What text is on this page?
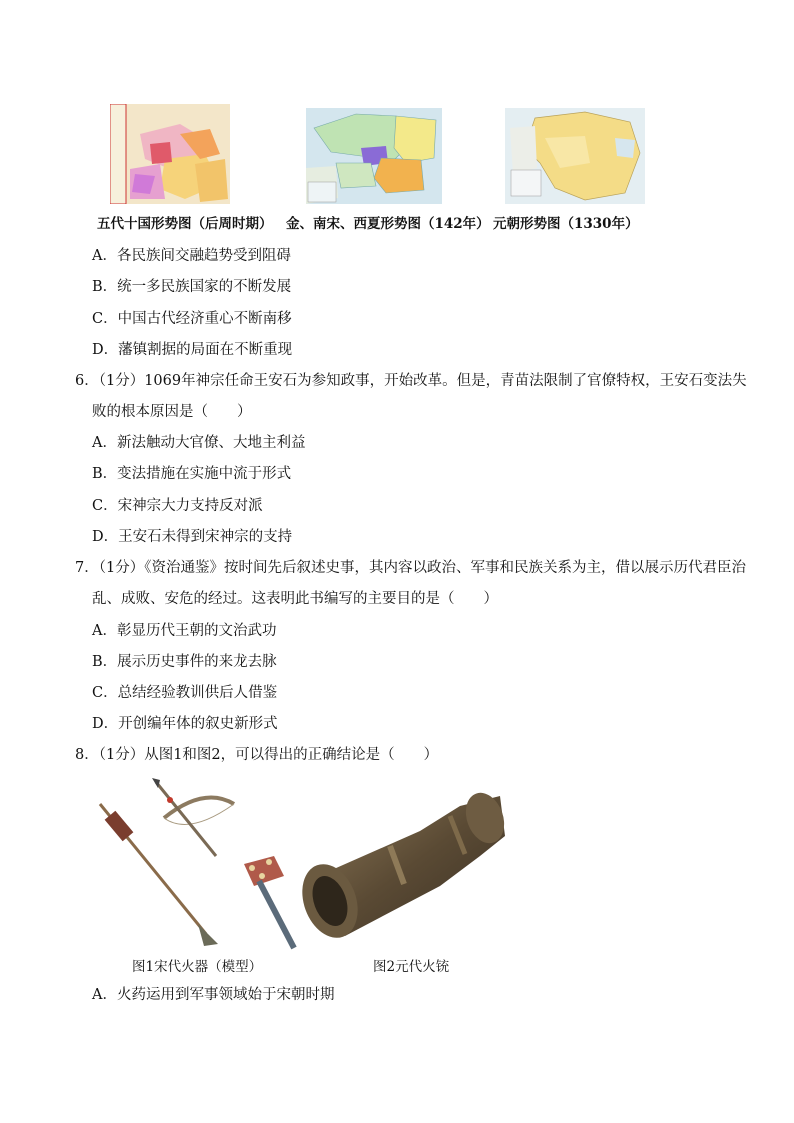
五代十国形势图（后周时期） 金、南宋、西夏形势图（142年） 元朝形势图（1330年）
A．各民族间交融趋势受到阻碍
B．统一多民族国家的不断发展
C．中国古代经济重心不断南移
D．藩镇割据的局面在不断重现
6．（1分）1069年神宗任命王安石为参知政事，开始改革。但是，青苗法限制了官僚特权，王安石变法失
败的根本原因是（　　）
A．新法触动大官僚、大地主利益
B．变法措施在实施中流于形式
C．宋神宗大力支持反对派
D．王安石未得到宋神宗的支持
7．（1分）《资治通鉴》按时间先后叙述史事，其内容以政治、军事和民族关系为主，借以展示历代君臣治
乱、成败、安危的经过。这表明此书编写的主要目的是（　　）
A．彰显历代王朝的文治武功
B．展示历史事件的来龙去脉
C．总结经验教训供后人借鉴
D．开创编年体的叙史新形式
8．（1分）从图1和图2，可以得出的正确结论是（　　）
图1宋代火器（模型）	图2元代火铳
A．火药运用到军事领域始于宋朝时期
